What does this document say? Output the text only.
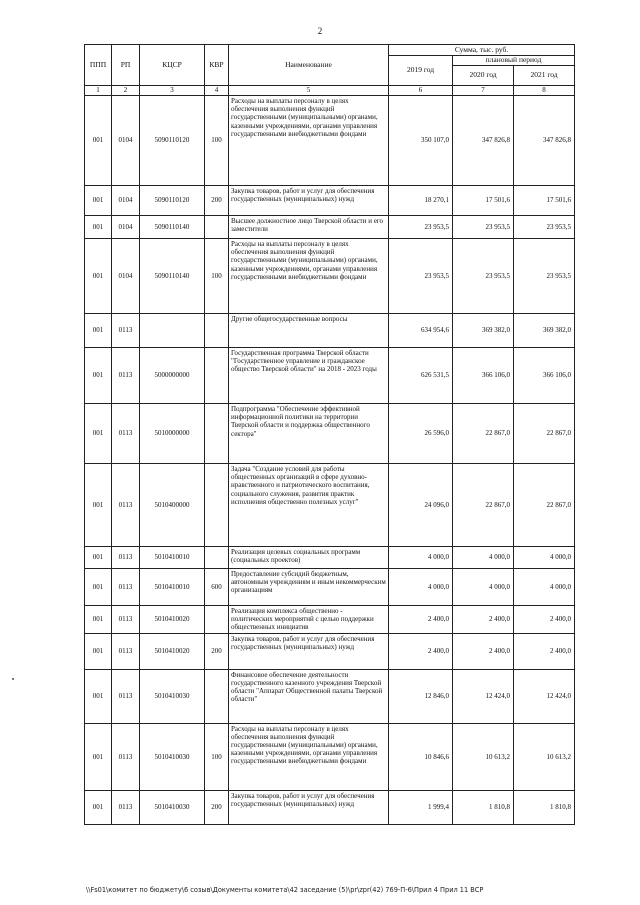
2
ППП	РП	КЦСР	КВР	Наименование	Сумма, тыс. руб.		
					2019 год	плановый период	
						2020 год	2021 год
1	2	3	4	5	6	7	8
001	0104	5090110120	100	Расходы на выплаты персоналу в целях обеспечения выполнения функций государственными (муниципальными) органами, казенными учреждениями, органами управления государственными внебюджетными фондами	350 107,0	347 826,8	347 826,8
001	0104	5090110120	200	Закупка товаров, работ и услуг для обеспечения государственных (муниципальных) нужд	18 270,1	17 501,6	17 501,6
001	0104	5090110140		Высшее должностное лицо Тверской области и его заместители	23 953,5	23 953,5	23 953,5
001	0104	5090110140	100	Расходы на выплаты персоналу в целях обеспечения выполнения функций государственными (муниципальными) органами, казенными учреждениями, органами управления государственными внебюджетными фондами	23 953,5	23 953,5	23 953,5
001	0113			Другие общегосударственные вопросы	634 954,6	369 382,0	369 382,0
001	0113	5000000000		Государственная программа Тверской области "Государственное управление и гражданское общество Тверской области" на 2018 - 2023 годы	626 531,5	366 106,0	366 106,0
001	0113	5010000000		Подпрограмма "Обеспечение эффективной информационной политики на территории Тверской области и поддержка общественного сектора"	26 596,0	22 867,0	22 867,0
001	0113	5010400000		Задача "Создание условий для работы общественных организаций в сфере духовно-нравственного и патриотического воспитания, социального служения, развития практик исполнения общественно полезных услуг"	24 096,0	22 867,0	22 867,0
001	0113	5010410010		Реализация целевых социальных программ (социальных проектов)	4 000,0	4 000,0	4 000,0
001	0113	5010410010	600	Предоставление субсидий бюджетным, автономным учреждениям и иным некоммерческим организациям	4 000,0	4 000,0	4 000,0
001	0113	5010410020		Реализация комплекса общественно - политических мероприятий с целью поддержки общественных инициатив	2 400,0	2 400,0	2 400,0
001	0113	5010410020	200	Закупка товаров, работ и услуг для обеспечения государственных (муниципальных) нужд	2 400,0	2 400,0	2 400,0
001	0113	5010410030		Финансовое обеспечение деятельности государственного казенного учреждения Тверской области "Аппарат Общественной палаты Тверской области"	12 846,0	12 424,0	12 424,0
001	0113	5010410030	100	Расходы на выплаты персоналу в целях обеспечения выполнения функций государственными (муниципальными) органами, казенными учреждениями, органами управления государственными внебюджетными фондами	10 846,6	10 613,2	10 613,2
001	0113	5010410030	200	Закупка товаров, работ и услуг для обеспечения государственных (муниципальных) нужд	1 999,4	1 810,8	1 810,8
\\Fs01\комитет по бюджету\6 созыв\Документы комитета\42 заседание (5)\pr\zpr(42) 769-П-6\Прил 4 Прил 11 ВСР
